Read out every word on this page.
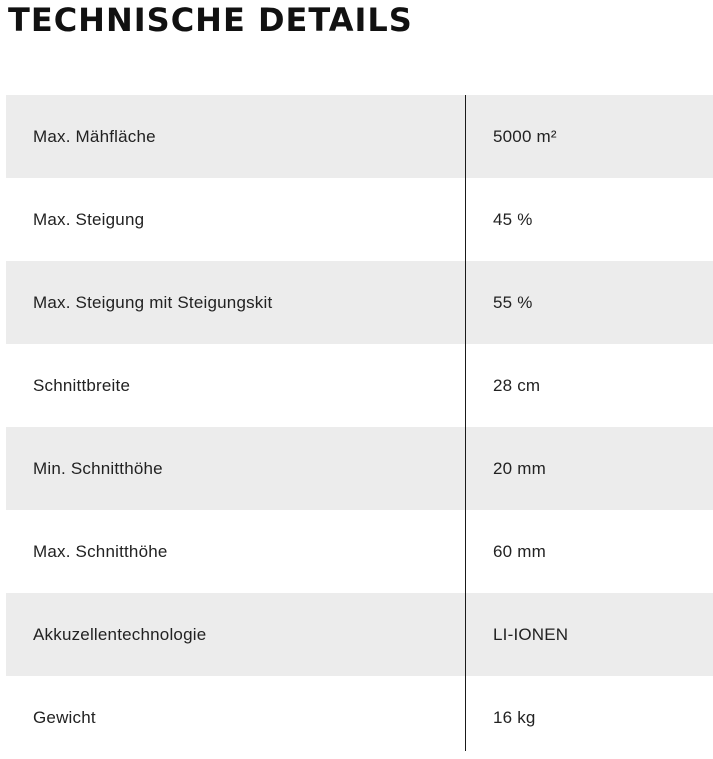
TECHNISCHE DETAILS
Max. Mähfläche	5000 m²
Max. Steigung	45 %
Max. Steigung mit Steigungskit	55 %
Schnittbreite	28 cm
Min. Schnitthöhe	20 mm
Max. Schnitthöhe	60 mm
Akkuzellentechnologie	LI-IONEN
Gewicht	16 kg
